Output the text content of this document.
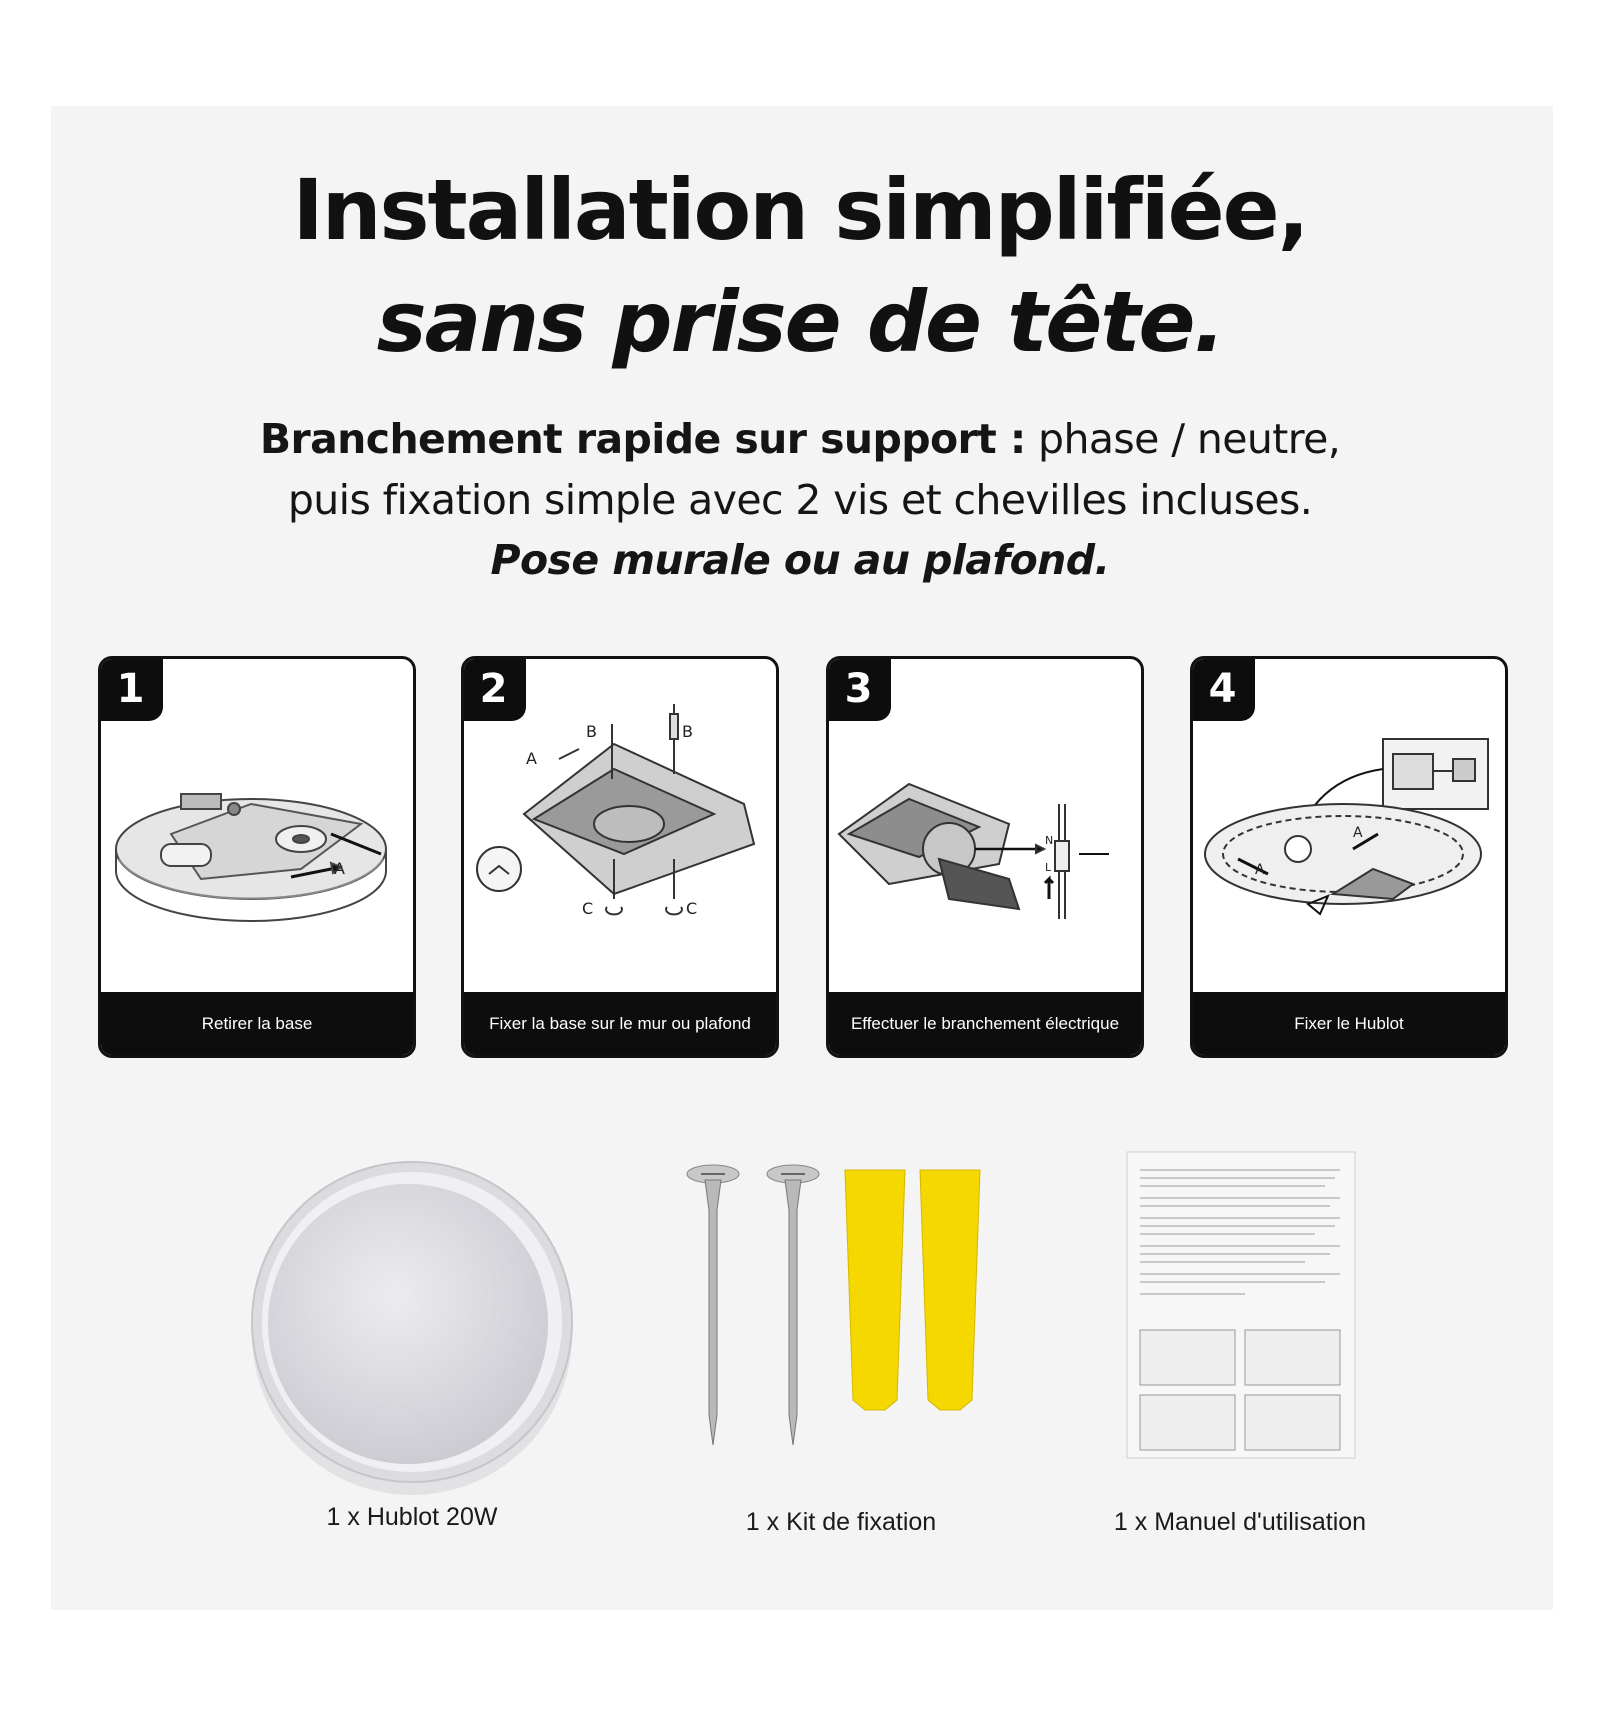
Installation simplifiée,
sans prise de tête.
Branchement rapide sur support : phase / neutre,
puis fixation simple avec 2 vis et chevilles incluses.
Pose murale ou au plafond.
A
1
Retirer la base
B	B
A
C	C
2
Fixer la base sur le mur ou plafond
N
L
3
Effectuer le branchement électrique
A
A
4
Fixer le Hublot
1 x Hublot 20W	1 x Kit de fixation	1 x Manuel d'utilisation
